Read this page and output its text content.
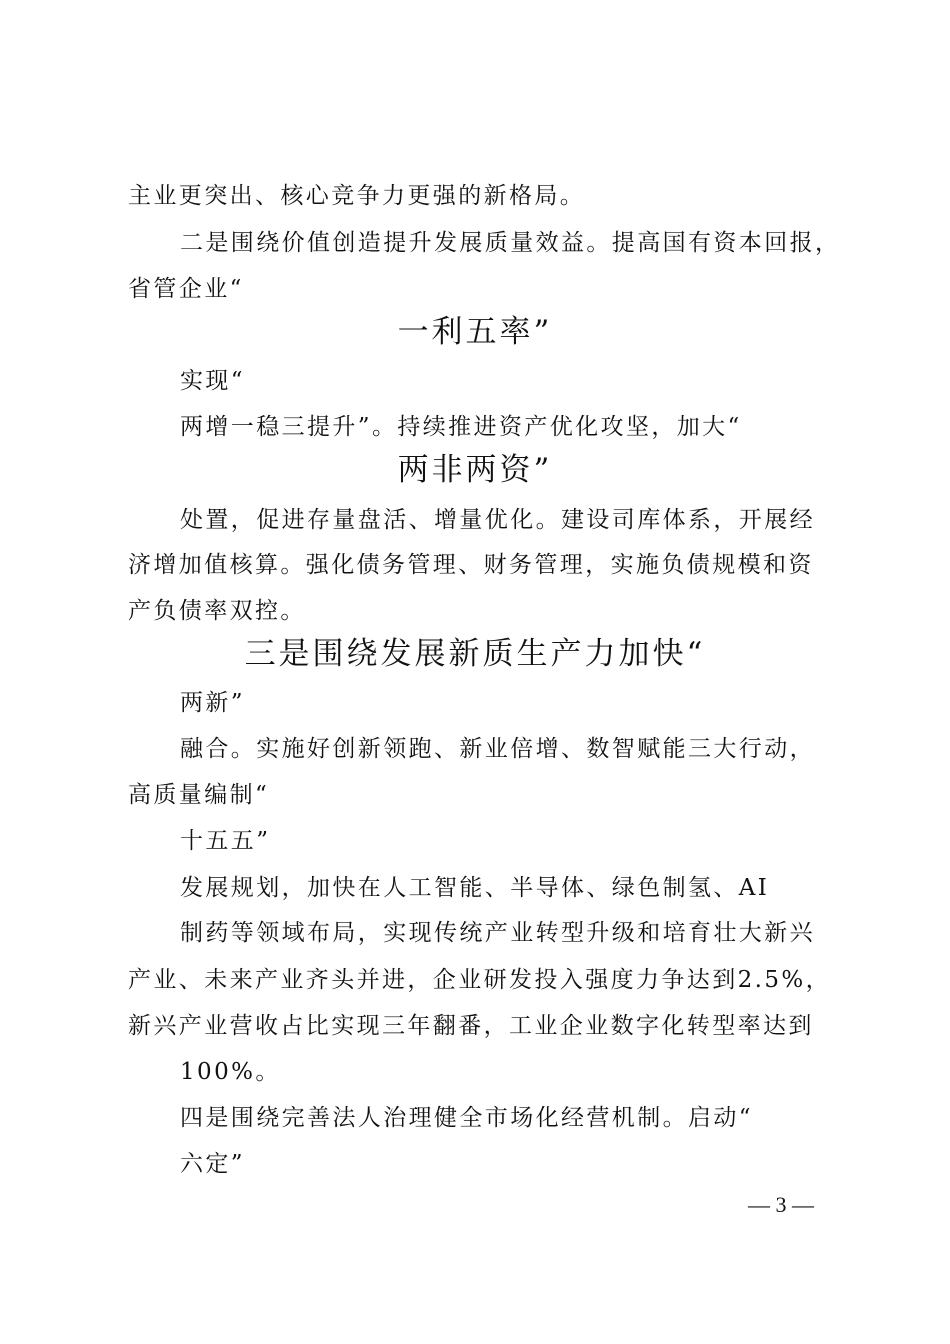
主业更突出、核心竞争力更强的新格局。
二是围绕价值创造提升发展质量效益。提高国有资本回报，
省管企业“
一利五率”
实现“
两增一稳三提升”。持续推进资产优化攻坚，加大“
两非两资”
处置，促进存量盘活、增量优化。建设司库体系，开展经
济增加值核算。强化债务管理、财务管理，实施负债规模和资
产负债率双控。
三是围绕发展新质生产力加快“
两新”
融合。实施好创新领跑、新业倍增、数智赋能三大行动，
高质量编制“
十五五”
发展规划，加快在人工智能、半导体、绿色制氢、AI
制药等领域布局，实现传统产业转型升级和培育壮大新兴
产业、未来产业齐头并进，企业研发投入强度力争达到2.5%，
新兴产业营收占比实现三年翻番，工业企业数字化转型率达到
100%。
四是围绕完善法人治理健全市场化经营机制。启动“
六定”
— 3 —
